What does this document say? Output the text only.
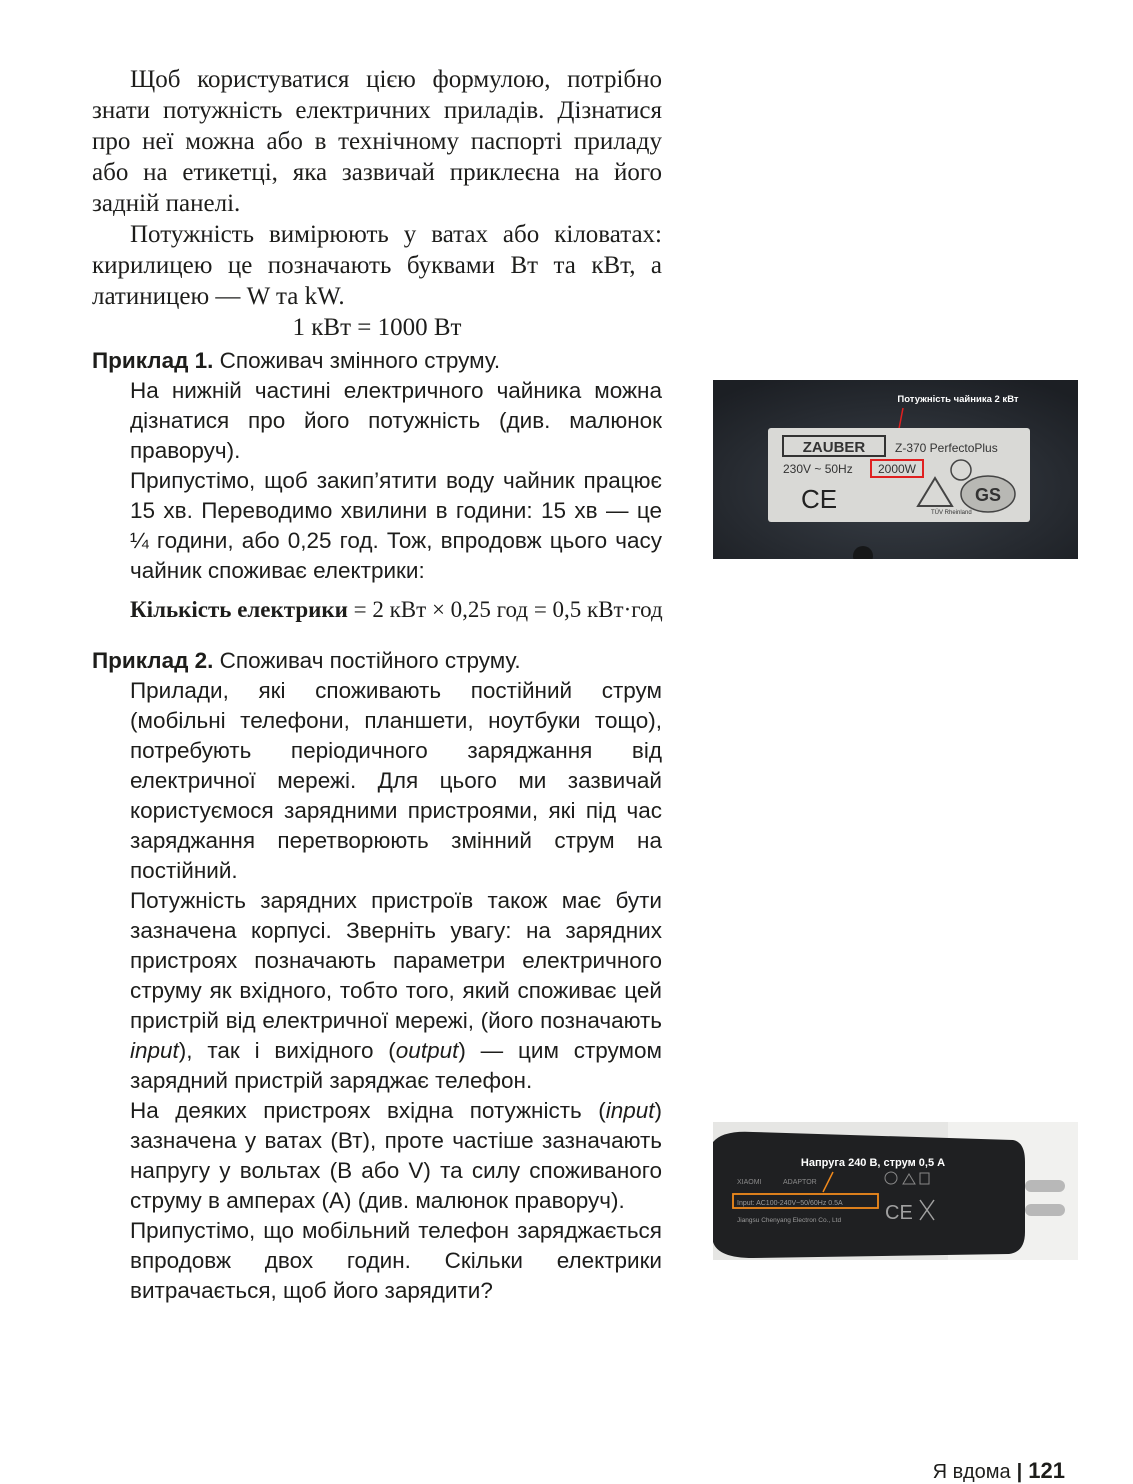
Щоб користуватися цією формулою, потрібно знати потужність електричних приладів. Дізнатися про неї можна або в технічному паспорті приладу або на етикетці, яка зазвичай приклеєна на його задній панелі.

Потужність вимірюють у ватах або кіловатах: кирилицею це позначають буквами Вт та кВт, а латиницею — W та kW.

1 кВт = 1000 Вт

Приклад 1. Споживач змінного струму.

На нижній частині електричного чайника можна дізнатися про його потужність (див. малюнок праворуч).

Припустімо, щоб закип’ятити воду чайник працює 15 хв. Переводимо хвилини в години: 15 хв — це ¼ години, або 0,25 год. Тож, впродовж цього часу чайник споживає електрики:

Кількість електрики = 2 кВт × 0,25 год = 0,5 кВт·год
Потужність чайника 2 кВт
ZAUBER Z-370 PerfectoPlus
230V ~ 50Hz 2000W
CE	TÜV Rheinland
GS

Приклад 2. Споживач постійного струму.

Прилади, які споживають постійний струм (мобільні телефони, планшети, ноутбуки тощо), потребують періодичного заряджання від електричної мережі. Для цього ми зазвичай користуємося зарядними пристроями, які під час заряджання перетворюють змінний струм на постійний.

Потужність зарядних пристроїв також має бути зазначена корпусі. Зверніть увагу: на зарядних пристроях позначають параметри електричного струму як вхідного, тобто того, який споживає цей пристрій від електричної мережі, (його позначають input), так і вихідного (output) — цим струмом зарядний пристрій заряджає телефон.

На деяких пристроях вхідна потужність (input) зазначена у ватах (Вт), проте частіше зазначають напругу у вольтах (В або V) та силу споживаного струму в амперах (А) (див. малюнок праворуч).

Припустімо, що мобільний телефон заряджається впродовж двох годин. Скільки електрики витрачається, щоб його зарядити?

Напруга 240 В, струм 0,5 А
XIAOMI	ADAPTOR
Input: AC100-240V~50/60Hz 0.5A
Jiangsu Chenyang Electron Co., Ltd CE
Я вдома | 121
